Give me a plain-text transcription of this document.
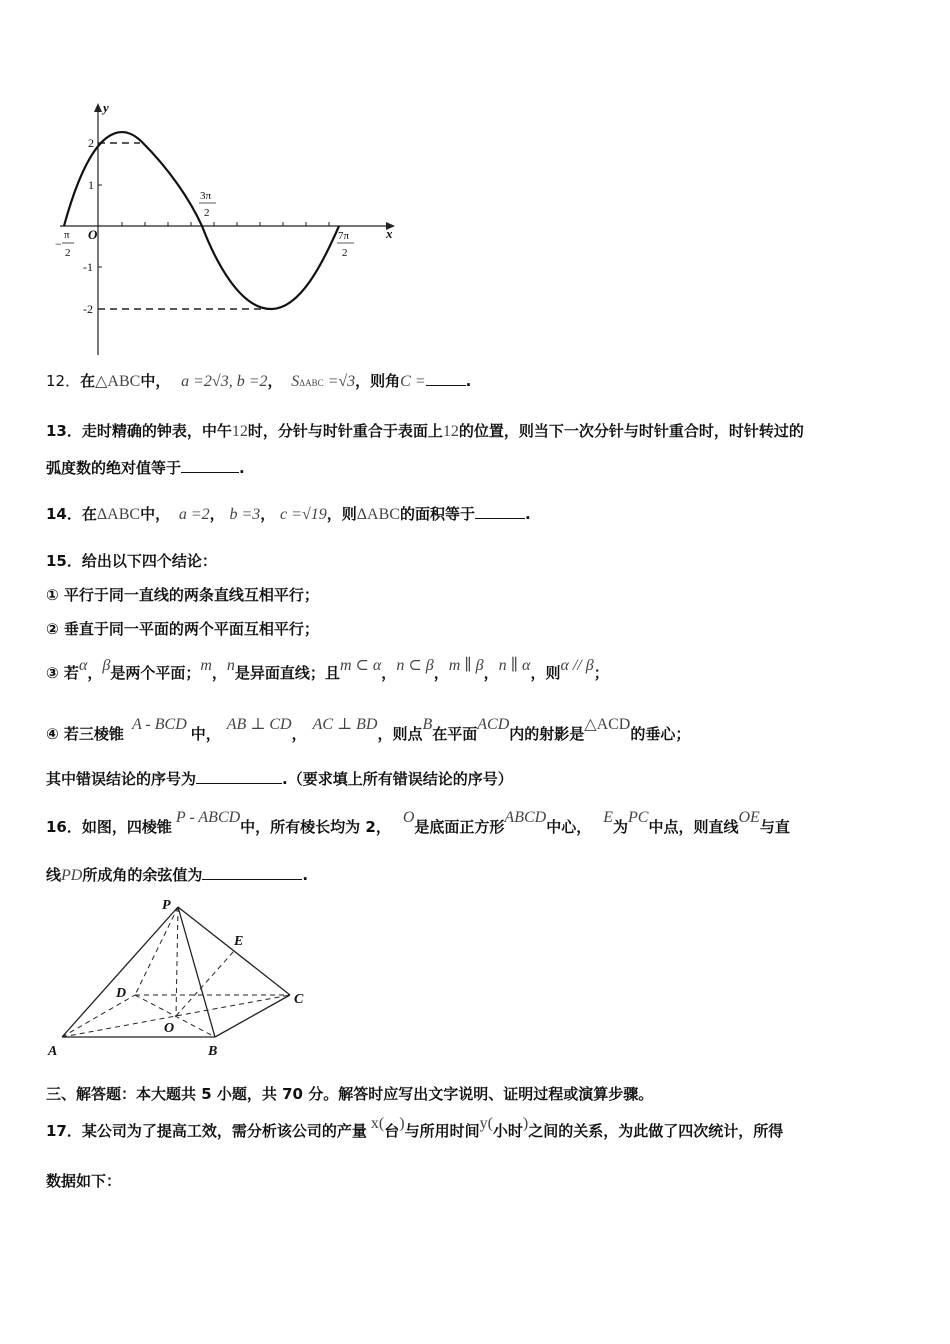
y
x
O
2
1
-1
-2
−
π
2
3π
2
7π
2
12．在△ABC中， a =2√3, b =2， SΔABC =√3，则角C =	.
13．走时精确的钟表，中午12时，分针与时针重合于表面上12的位置，则当下一次分针与时针重合时，时针转过的
弧度数的绝对值等于	.
14．在ΔABC中， a =2， b =3， c =√19，则ΔABC的面积等于	.
15．给出以下四个结论：
① 平行于同一直线的两条直线互相平行；
② 垂直于同一平面的两个平面互相平行；
③ 若α，β是两个平面；m，n是异面直线；且m ⊂ α，n ⊂ β，m ∥ β，n ∥ α，则α // β；
④ 若三棱锥A - BCD中，AB ⊥ CD，AC ⊥ BD，则点B在平面ACD内的射影是△ACD的垂心；
其中错误结论的序号为	.（要求填上所有错误结论的序号）
16．如图，四棱锥P - ABCD中，所有棱长均为 2，O是底面正方形ABCD中心，E为PC中点，则直线OE与直
线PD所成角的余弦值为	.
P
E
D	C
O
A	B
三、解答题：本大题共 5 小题，共 70 分。解答时应写出文字说明、证明过程或演算步骤。
17．某公司为了提高工效，需分析该公司的产量 x(台)与所用时间y(小时)之间的关系，为此做了四次统计，所得
数据如下：
